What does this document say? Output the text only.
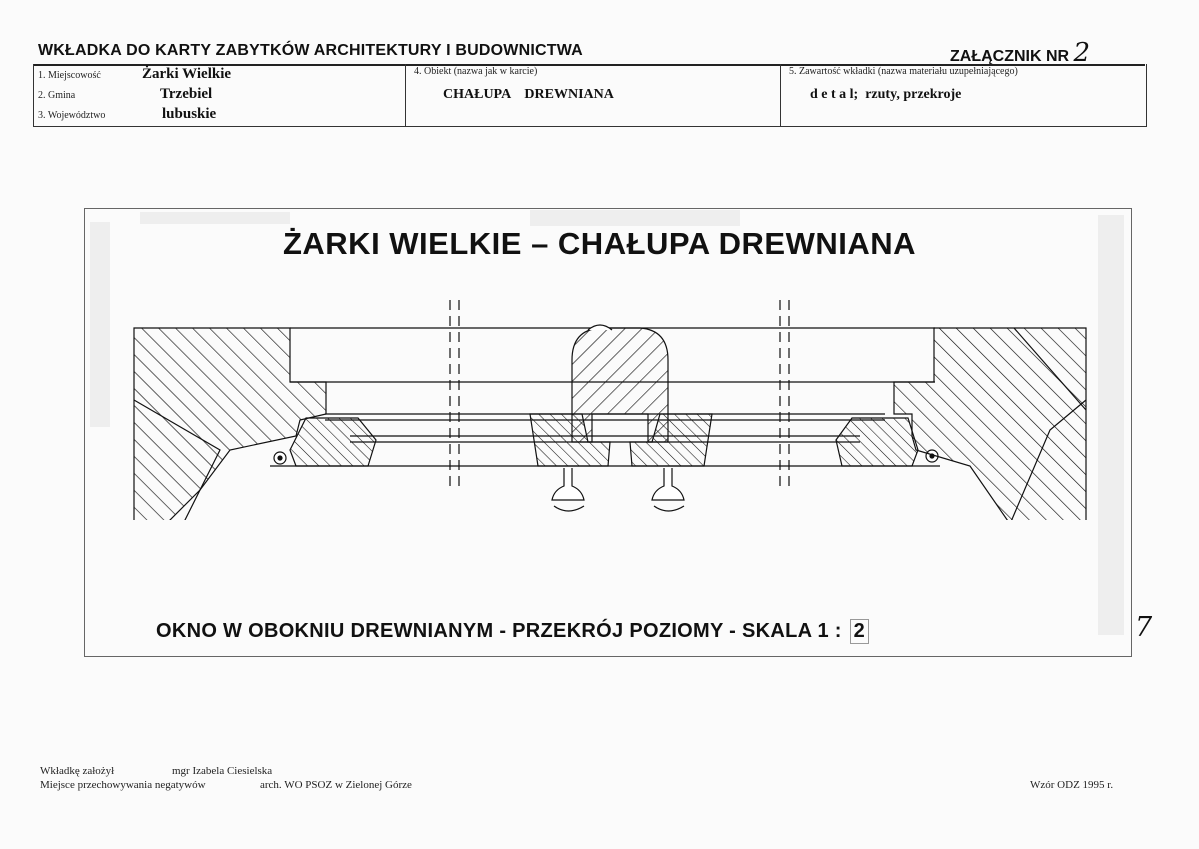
WKŁADKA DO KARTY ZABYTKÓW ARCHITEKTURY I BUDOWNICTWA	ZAŁĄCZNIK NR 2
1. Miejscowość	Żarki Wielkie
2. Gmina	Trzebiel
3. Województwo	lubuskie
4. Obiekt (nazwa jak w karcie)
CHAŁUPA    DREWNIANA
5. Zawartość wkładki (nazwa materiału uzupełniającego)
d e t a l;  rzuty, przekroje
ŻARKI WIELKIE – CHAŁUPA DREWNIANA
OKNO W OBOKNIU DREWNIANYM - PRZEKRÓJ POZIOMY - SKALA 1 : 2	7
Wkładkę założył	mgr Izabela Ciesielska
Miejsce przechowywania negatywów	arch. WO PSOZ w Zielonej Górze	Wzór ODZ 1995 r.
